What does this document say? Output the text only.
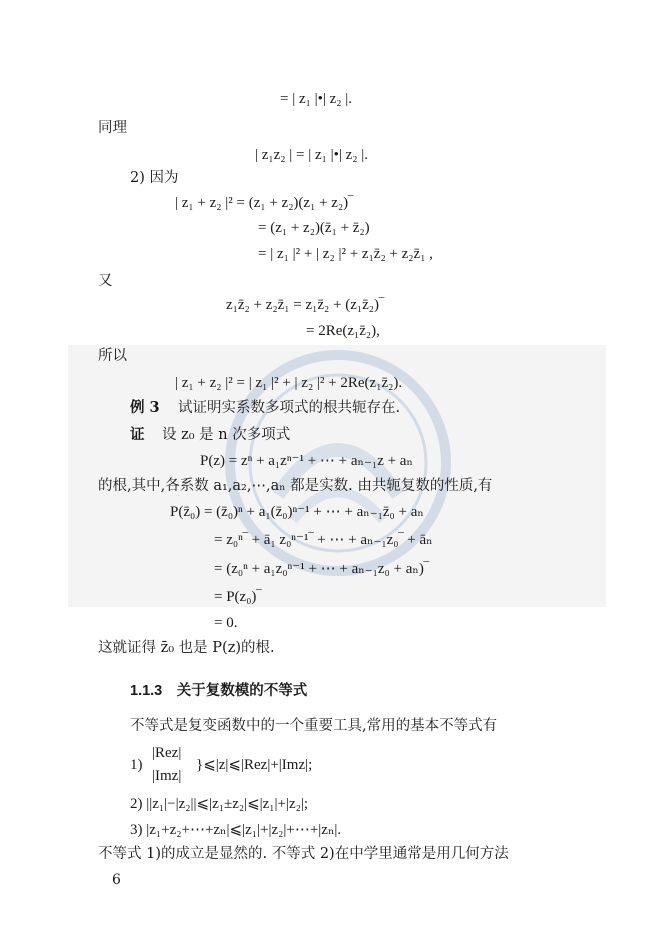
= | z₁ |•| z₂ |.
同理
| z₁z₂ | = | z₁ |•| z₂ |.
2) 因为
| z₁ + z₂ |² = (z₁ + z₂)(z₁ + z₂)‾
= (z₁ + z₂)(z̄₁ + z̄₂)
= | z₁ |² + | z₂ |² + z₁z̄₂ + z₂z̄₁ ,
又
z₁z̄₂ + z₂z̄₁ = z₁z̄₂ + (z₁z̄₂)‾
= 2Re(z₁z̄₂),
所以
| z₁ + z₂ |² = | z₁ |² + | z₂ |² + 2Re(z₁z̄₂).
例 3 试证明实系数多项式的根共轭存在.
证 设 z₀ 是 n 次多项式
P(z) = zⁿ + a₁zⁿ⁻¹ + ⋯ + aₙ₋₁z + aₙ
的根,其中,各系数 a₁,a₂,⋯,aₙ 都是实数. 由共轭复数的性质,有
P(z̄₀) = (z̄₀)ⁿ + a₁(z̄₀)ⁿ⁻¹ + ⋯ + aₙ₋₁z̄₀ + aₙ
= z₀ⁿ‾ + ā₁ z₀ⁿ⁻¹‾ + ⋯ + aₙ₋₁z₀‾ + āₙ
= (z₀ⁿ + a₁z₀ⁿ⁻¹ + ⋯ + aₙ₋₁z₀ + aₙ)‾
= P(z₀)‾
= 0.
这就证得 z̄₀ 也是 P(z)的根.
1.1.3　关于复数模的不等式
不等式是复变函数中的一个重要工具,常用的基本不等式有
|Rez|
1)
|Imz|
}⩽|z|⩽|Rez|+|Imz|;
2) ||z₁|−|z₂||⩽|z₁±z₂|⩽|z₁|+|z₂|;
3) |z₁+z₂+⋯+zₙ|⩽|z₁|+|z₂|+⋯+|zₙ|.
不等式 1)的成立是显然的. 不等式 2)在中学里通常是用几何方法
6
